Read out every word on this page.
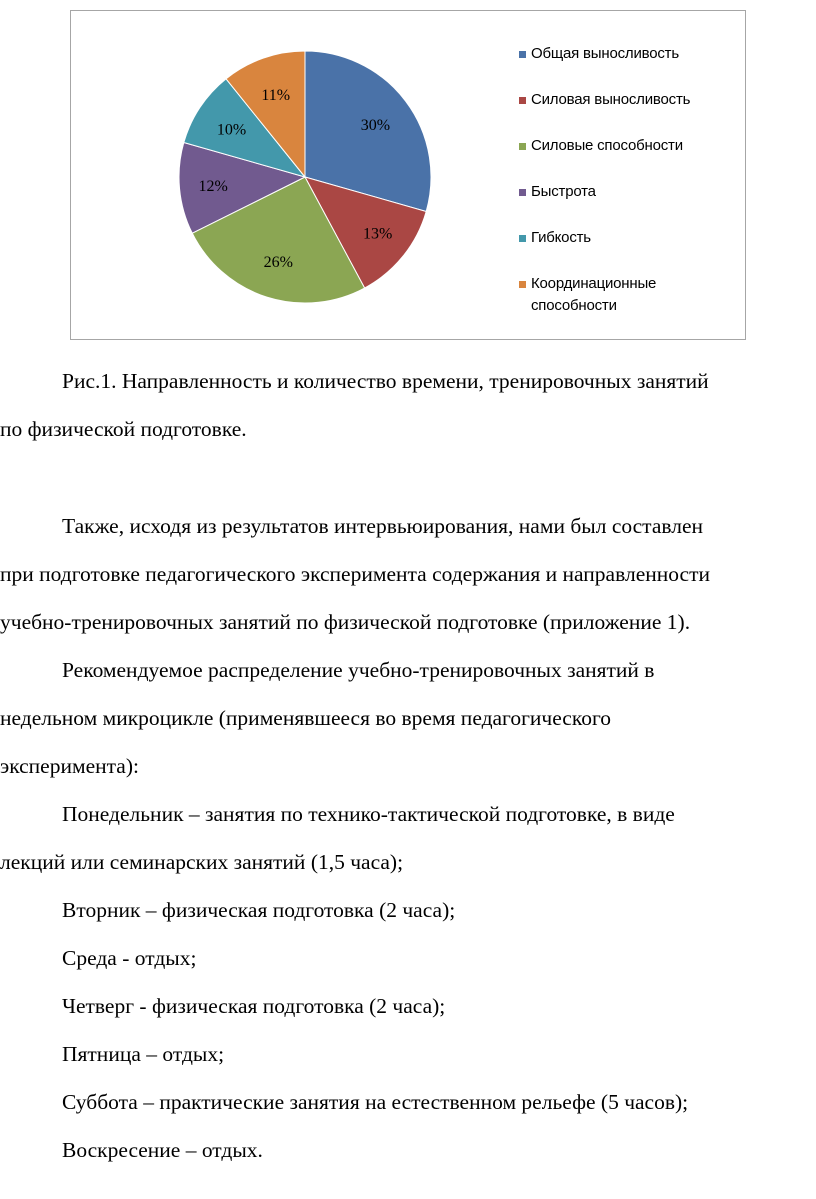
30%
13%
26%
12%
10%
11%
Общая выносливость
Силовая выносливость
Силовые способности
Быстрота
Гибкость
Координационные
способности

Рис.1. Направленность и количество времени, тренировочных занятий

по физической подготовке.

Также, исходя из результатов интервьюирования, нами был составлен

при подготовке педагогического эксперимента содержания и направленности

учебно-тренировочных занятий по физической подготовке (приложение 1).

Рекомендуемое распределение учебно-тренировочных занятий в

недельном микроцикле (применявшееся во время педагогического

эксперимента):

Понедельник – занятия по технико-тактической подготовке, в виде

лекций или семинарских занятий (1,5 часа);

Вторник – физическая подготовка (2 часа);

Среда - отдых;

Четверг - физическая подготовка (2 часа);

Пятница – отдых;

Суббота – практические занятия на естественном рельефе (5 часов);

Воскресение – отдых.
